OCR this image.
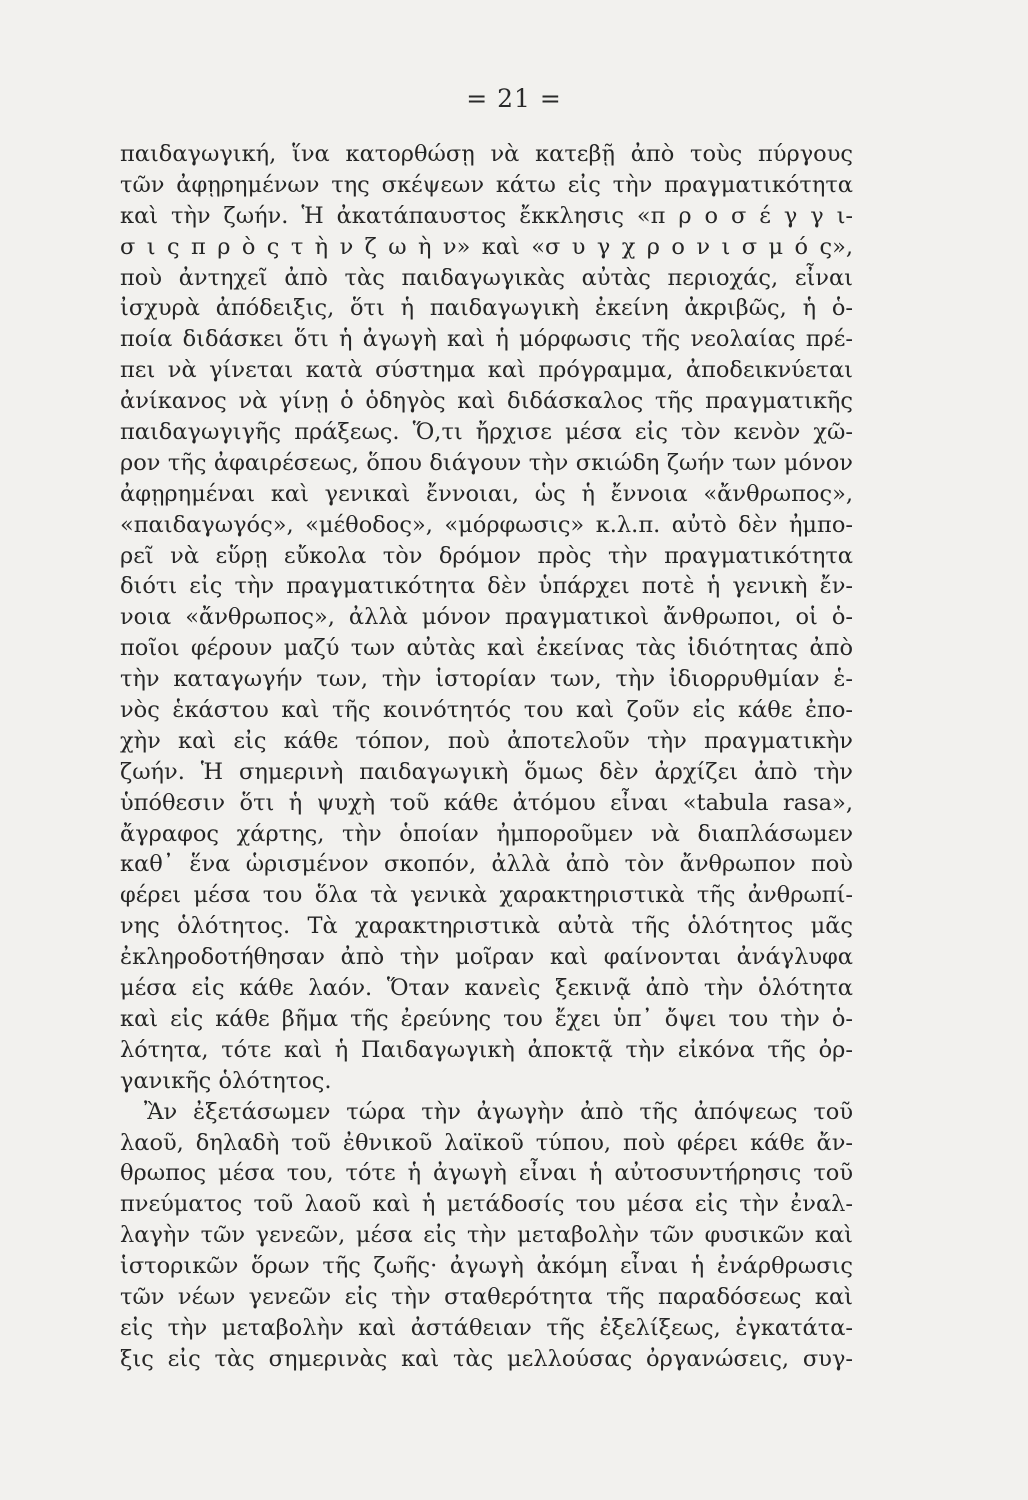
= 21 =
παιδαγωγική, ἵνα κατορθώσῃ νὰ κατεβῇ ἀπὸ τοὺς πύργους
τῶν ἀφῃρημένων της σκέψεων κάτω εἰς τὴν πραγματικότητα
καὶ τὴν ζωήν. Ἡ ἀκατάπαυστος ἔκκλησις «π ρ ο σ έ γ γ ι-
σ ι ς π ρ ὸ ς τ ὴ ν ζ ω ὴ ν» καὶ «σ υ γ χ ρ ο ν ι σ μ ό ς»,
ποὺ ἀντηχεῖ ἀπὸ τὰς παιδαγωγικὰς αὐτὰς περιοχάς, εἶναι
ἰσχυρὰ ἀπόδειξις, ὅτι ἡ παιδαγωγικὴ ἐκείνη ἀκριβῶς, ἡ ὁ-
ποία διδάσκει ὅτι ἡ ἀγωγὴ καὶ ἡ μόρφωσις τῆς νεολαίας πρέ-
πει νὰ γίνεται κατὰ σύστημα καὶ πρόγραμμα, ἀποδεικνύεται
ἀνίκανος νὰ γίνῃ ὁ ὁδηγὸς καὶ διδάσκαλος τῆς πραγματικῆς
παιδαγωγιγῆς πράξεως. Ὅ,τι ἤρχισε μέσα εἰς τὸν κενὸν χῶ-
ρον τῆς ἀφαιρέσεως, ὅπου διάγουν τὴν σκιώδη ζωήν των μόνον
ἀφῃρημέναι καὶ γενικαὶ ἔννοιαι, ὡς ἡ ἔννοια «ἄνθρωπος»,
«παιδαγωγός», «μέθοδος», «μόρφωσις» κ.λ.π. αὐτὸ δὲν ἠμπο-
ρεῖ νὰ εὕρῃ εὔκολα τὸν δρόμον πρὸς τὴν πραγματικότητα
διότι εἰς τὴν πραγματικότητα δὲν ὑπάρχει ποτὲ ἡ γενικὴ ἔν-
νοια «ἄνθρωπος», ἀλλὰ μόνον πραγματικοὶ ἄνθρωποι, οἱ ὁ-
ποῖοι φέρουν μαζύ των αὐτὰς καὶ ἐκείνας τὰς ἰδιότητας ἀπὸ
τὴν καταγωγήν των, τὴν ἱστορίαν των, τὴν ἰδιορρυθμίαν ἑ-
νὸς ἑκάστου καὶ τῆς κοινότητός του καὶ ζοῦν εἰς κάθε ἐπο-
χὴν καὶ εἰς κάθε τόπον, ποὺ ἀποτελοῦν τὴν πραγματικὴν
ζωήν. Ἡ σημερινὴ παιδαγωγικὴ ὅμως δὲν ἀρχίζει ἀπὸ τὴν
ὑπόθεσιν ὅτι ἡ ψυχὴ τοῦ κάθε ἀτόμου εἶναι «tabula rasa»,
ἄγραφος χάρτης, τὴν ὁποίαν ἠμποροῦμεν νὰ διαπλάσωμεν
καθ᾽ ἕνα ὡρισμένον σκοπόν, ἀλλὰ ἀπὸ τὸν ἄνθρωπον ποὺ
φέρει μέσα του ὅλα τὰ γενικὰ χαρακτηριστικὰ τῆς ἀνθρωπί-
νης ὁλότητος. Τὰ χαρακτηριστικὰ αὐτὰ τῆς ὁλότητος μᾶς
ἐκληροδοτήθησαν ἀπὸ τὴν μοῖραν καὶ φαίνονται ἀνάγλυφα
μέσα εἰς κάθε λαόν. Ὅταν κανεὶς ξεκινᾷ ἀπὸ τὴν ὁλότητα
καὶ εἰς κάθε βῆμα τῆς ἐρεύνης του ἔχει ὑπ᾽ ὄψει του τὴν ὁ-
λότητα, τότε καὶ ἡ Παιδαγωγικὴ ἀποκτᾷ τὴν εἰκόνα τῆς ὀρ-
γανικῆς ὁλότητος.
Ἂν ἐξετάσωμεν τώρα τὴν ἀγωγὴν ἀπὸ τῆς ἀπόψεως τοῦ
λαοῦ, δηλαδὴ τοῦ ἐθνικοῦ λαϊκοῦ τύπου, ποὺ φέρει κάθε ἄν-
θρωπος μέσα του, τότε ἡ ἀγωγὴ εἶναι ἡ αὐτοσυντήρησις τοῦ
πνεύματος τοῦ λαοῦ καὶ ἡ μετάδοσίς του μέσα εἰς τὴν ἐναλ-
λαγὴν τῶν γενεῶν, μέσα εἰς τὴν μεταβολὴν τῶν φυσικῶν καὶ
ἱστορικῶν ὅρων τῆς ζωῆς· ἀγωγὴ ἀκόμη εἶναι ἡ ἐνάρθρωσις
τῶν νέων γενεῶν εἰς τὴν σταθερότητα τῆς παραδόσεως καὶ
εἰς τὴν μεταβολὴν καὶ ἀστάθειαν τῆς ἐξελίξεως, ἐγκατάτα-
ξις εἰς τὰς σημερινὰς καὶ τὰς μελλούσας ὀργανώσεις, συγ-
